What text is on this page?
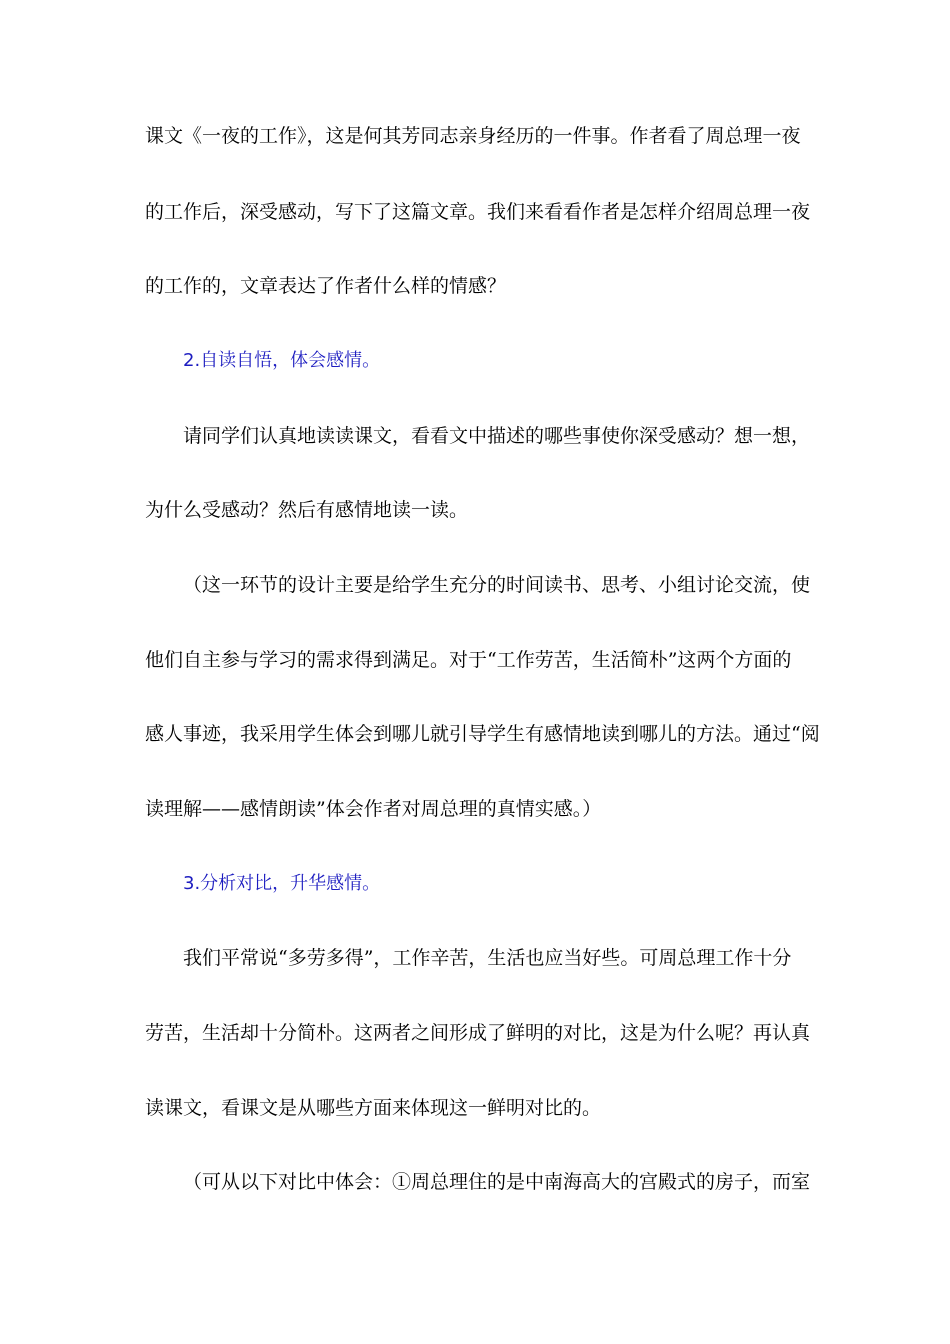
课文《一夜的工作》，这是何其芳同志亲身经历的一件事。作者看了周总理一夜
的工作后，深受感动，写下了这篇文章。我们来看看作者是怎样介绍周总理一夜
的工作的，文章表达了作者什么样的情感？
2.自读自悟，体会感情。
请同学们认真地读读课文，看看文中描述的哪些事使你深受感动？想一想，
为什么受感动？然后有感情地读一读。
（这一环节的设计主要是给学生充分的时间读书、思考、小组讨论交流，使
他们自主参与学习的需求得到满足。对于“工作劳苦，生活简朴”这两个方面的
感人事迹，我采用学生体会到哪儿就引导学生有感情地读到哪儿的方法。通过“阅
读理解——感情朗读”体会作者对周总理的真情实感。）
3.分析对比，升华感情。
我们平常说“多劳多得”，工作辛苦，生活也应当好些。可周总理工作十分
劳苦，生活却十分简朴。这两者之间形成了鲜明的对比，这是为什么呢？再认真
读课文，看课文是从哪些方面来体现这一鲜明对比的。
（可从以下对比中体会：①周总理住的是中南海高大的宫殿式的房子，而室
